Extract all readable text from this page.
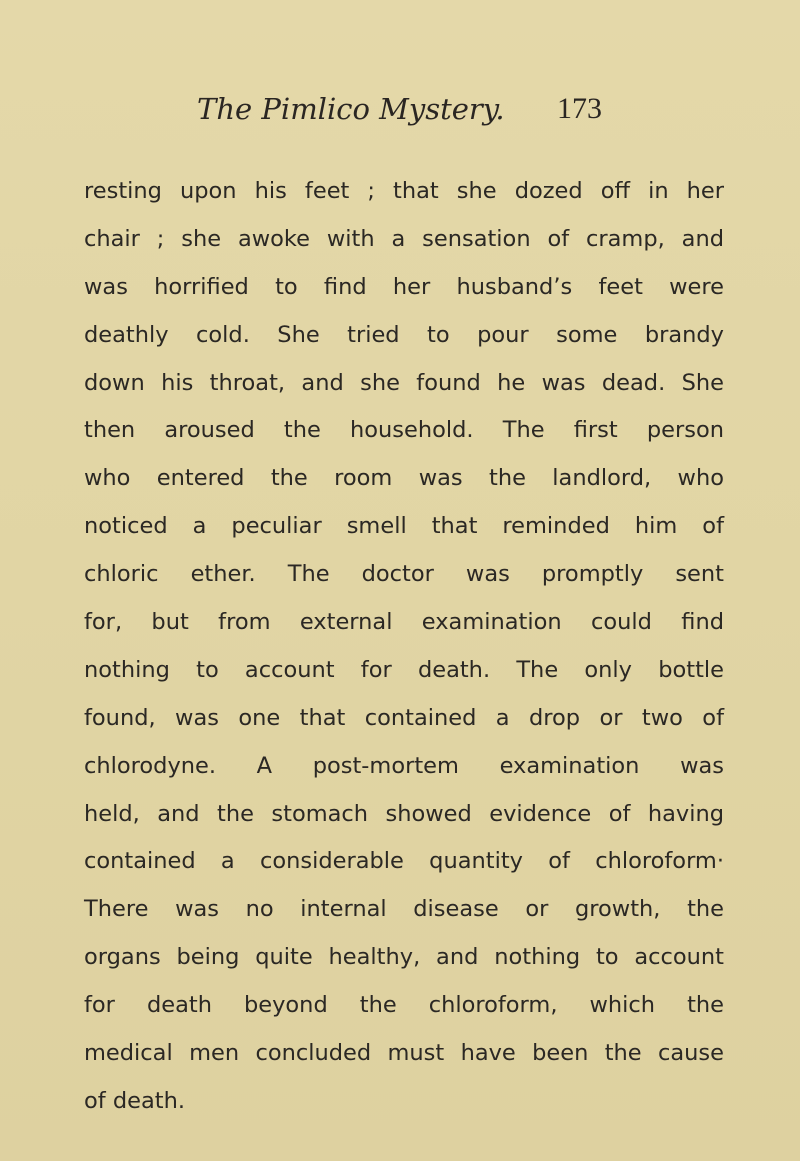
The Pimlico Mystery. 173
resting upon his feet ; that she dozed off in her
chair ; she awoke with a sensation of cramp, and
was horrified to find her husband’s feet were
deathly cold. She tried to pour some brandy
down his throat, and she found he was dead. She
then aroused the household. The first person
who entered the room was the landlord, who
noticed a peculiar smell that reminded him of
chloric ether. The doctor was promptly sent
for, but from external examination could find
nothing to account for death. The only bottle
found, was one that contained a drop or two of
chlorodyne. A post-mortem examination was
held, and the stomach showed evidence of having
contained a considerable quantity of chloroform·
There was no internal disease or growth, the
organs being quite healthy, and nothing to account
for death beyond the chloroform, which the
medical men concluded must have been the cause
of death.
